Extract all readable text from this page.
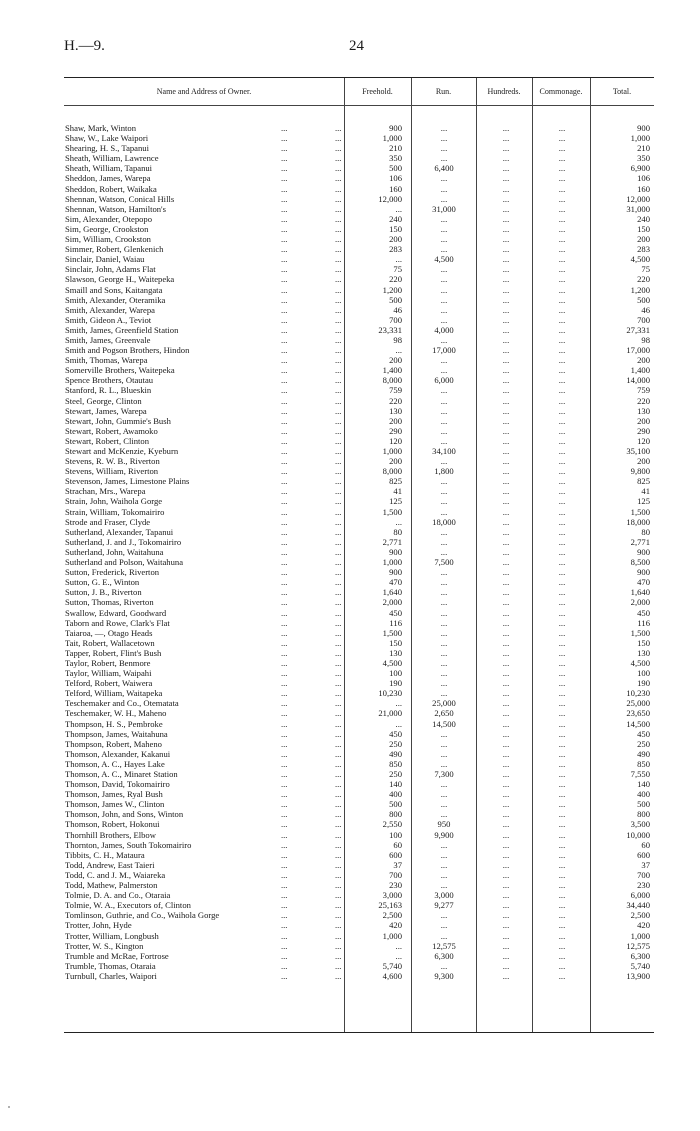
H.—9.	24
Name and Address of Owner.	Freehold.	Run.	Hundreds.	Commonage.	Total.
Shaw, Mark, Winton	...	...	900	...	...	...	900
Shaw, W., Lake Waipori	...	...	1,000	...	...	...	1,000
Shearing, H. S., Tapanui	...	...	210	...	...	...	210
Sheath, William, Lawrence	...	...	350	...	...	...	350
Sheath, William, Tapanui	...	...	500	6,400	...	...	6,900
Sheddon, James, Warepa	...	...	106	...	...	...	106
Sheddon, Robert, Waikaka	...	...	160	...	...	...	160
Shennan, Watson, Conical Hills	...	...	12,000	...	...	...	12,000
Shennan, Watson, Hamilton's	...	...	...	31,000	...	...	31,000
Sim, Alexander, Otepopo	...	...	240	...	...	...	240
Sim, George, Crookston	...	...	150	...	...	...	150
Sim, William, Crookston	...	...	200	...	...	...	200
Simmer, Robert, Glenkenich	...	...	283	...	...	...	283
Sinclair, Daniel, Waiau	...	...	...	4,500	...	...	4,500
Sinclair, John, Adams Flat	...	...	75	...	...	...	75
Slawson, George H., Waitepeka	...	...	220	...	...	...	220
Smaill and Sons, Kaitangata	...	...	1,200	...	...	...	1,200
Smith, Alexander, Oteramika	...	...	500	...	...	...	500
Smith, Alexander, Warepa	...	...	46	...	...	...	46
Smith, Gideon A., Teviot	...	...	700	...	...	...	700
Smith, James, Greenfield Station	...	...	23,331	4,000	...	...	27,331
Smith, James, Greenvale	...	...	98	...	...	...	98
Smith and Pogson Brothers, Hindon	...	...	...	17,000	...	...	17,000
Smith, Thomas, Warepa	...	...	200	...	...	...	200
Somerville Brothers, Waitepeka	...	...	1,400	...	...	...	1,400
Spence Brothers, Otautau	...	...	8,000	6,000	...	...	14,000
Stanford, R. L., Blueskin	...	...	759	...	...	...	759
Steel, George, Clinton	...	...	220	...	...	...	220
Stewart, James, Warepa	...	...	130	...	...	...	130
Stewart, John, Gummie's Bush	...	...	200	...	...	...	200
Stewart, Robert, Awamoko	...	...	290	...	...	...	290
Stewart, Robert, Clinton	...	...	120	...	...	...	120
Stewart and McKenzie, Kyeburn	...	...	1,000	34,100	...	...	35,100
Stevens, R. W. B., Riverton	...	...	200	...	...	...	200
Stevens, William, Riverton	...	...	8,000	1,800	...	...	9,800
Stevenson, James, Limestone Plains	...	...	825	...	...	...	825
Strachan, Mrs., Warepa	...	...	41	...	...	...	41
Strain, John, Waihola Gorge	...	...	125	...	...	...	125
Strain, William, Tokomairiro	...	...	1,500	...	...	...	1,500
Strode and Fraser, Clyde	...	...	...	18,000	...	...	18,000
Sutherland, Alexander, Tapanui	...	...	80	...	...	...	80
Sutherland, J. and J., Tokomairiro	...	...	2,771	...	...	...	2,771
Sutherland, John, Waitahuna	...	...	900	...	...	...	900
Sutherland and Polson, Waitahuna	...	...	1,000	7,500	...	...	8,500
Sutton, Frederick, Riverton	...	...	900	...	...	...	900
Sutton, G. E., Winton	...	...	470	...	...	...	470
Sutton, J. B., Riverton	...	...	1,640	...	...	...	1,640
Sutton, Thomas, Riverton	...	...	2,000	...	...	...	2,000
Swallow, Edward, Goodward	...	...	450	...	...	...	450
Taborn and Rowe, Clark's Flat	...	...	116	...	...	...	116
Taiaroa, —, Otago Heads	...	...	1,500	...	...	...	1,500
Tait, Robert, Wallacetown	...	...	150	...	...	...	150
Tapper, Robert, Flint's Bush	...	...	130	...	...	...	130
Taylor, Robert, Benmore	...	...	4,500	...	...	...	4,500
Taylor, William, Waipahi	...	...	100	...	...	...	100
Telford, Robert, Waiwera	...	...	190	...	...	...	190
Telford, William, Waitapeka	...	...	10,230	...	...	...	10,230
Teschemaker and Co., Otematata	...	...	...	25,000	...	...	25,000
Teschemaker, W. H., Maheno	...	...	21,000	2,650	...	...	23,650
Thompson, H. S., Pembroke	...	...	...	14,500	...	...	14,500
Thompson, James, Waitahuna	...	...	450	...	...	...	450
Thompson, Robert, Maheno	...	...	250	...	...	...	250
Thomson, Alexander, Kakanui	...	...	490	...	...	...	490
Thomson, A. C., Hayes Lake	...	...	850	...	...	...	850
Thomson, A. C., Minaret Station	...	...	250	7,300	...	...	7,550
Thomson, David, Tokomairiro	...	...	140	...	...	...	140
Thomson, James, Ryal Bush	...	...	400	...	...	...	400
Thomson, James W., Clinton	...	...	500	...	...	...	500
Thomson, John, and Sons, Winton	...	...	800	...	...	...	800
Thomson, Robert, Hokonui	...	...	2,550	950	...	...	3,500
Thornhill Brothers, Elbow	...	...	100	9,900	...	...	10,000
Thornton, James, South Tokomairiro	...	...	60	...	...	...	60
Tibbits, C. H., Mataura	...	...	600	...	...	...	600
Todd, Andrew, East Taieri	...	...	37	...	...	...	37
Todd, C. and J. M., Waiareka	...	...	700	...	...	...	700
Todd, Mathew, Palmerston	...	...	230	...	...	...	230
Tolmie, D. A. and Co., Otaraia	...	...	3,000	3,000	...	...	6,000
Tolmie, W. A., Executors of, Clinton	...	...	25,163	9,277	...	...	34,440
Tomlinson, Guthrie, and Co., Waihola Gorge	...	...	2,500	...	...	...	2,500
Trotter, John, Hyde	...	...	420	...	...	...	420
Trotter, William, Longbush	...	...	1,000	...	...	...	1,000
Trotter, W. S., Kington	...	...	...	12,575	...	...	12,575
Trumble and McRae, Fortrose	...	...	...	6,300	...	...	6,300
Trumble, Thomas, Otaraia	...	...	5,740	...	...	...	5,740
Turnbull, Charles, Waipori	...	...	4,600	9,300	...	...	13,900
